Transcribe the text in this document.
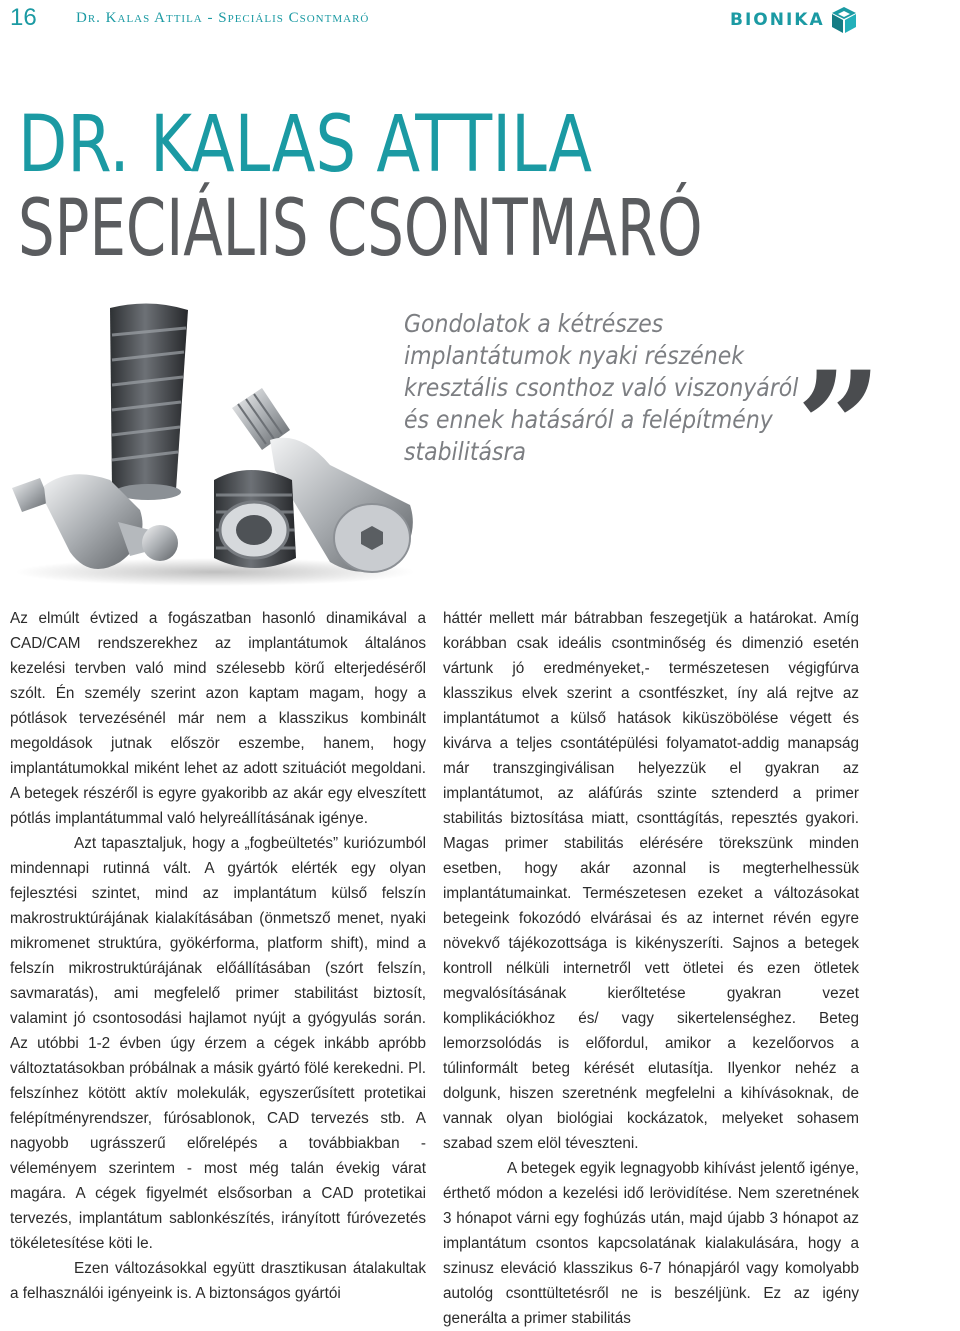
16	Dr. Kalas Attila - Speciális Csontmaró	BIONIKA
DR. KALAS ATTILA
SPECIÁLIS CSONTMARÓ
Gondolatok a kétrészes implantátumok nyaki részének kresztális csonthoz való viszonyáról és ennek hatásáról a felépítmény stabilitásra	”

Az elmúlt évtized a fogászatban hasonló dinamikával a CAD/CAM rendszerekhez az implantátumok általános kezelési tervben való mind szélesebb körű elterjedéséről szólt. Én személy szerint azon kaptam magam, hogy a pótlások tervezésénél már nem a klasszikus kombinált megoldások jutnak először eszembe, hanem, hogy implantátumokkal miként lehet az adott szituációt megoldani. A betegek részéről is egyre gyakoribb az akár egy elveszített pótlás implantátummal való helyreállításának igénye.

Azt tapasztaljuk, hogy a „fogbeültetés” kuriózumból mindennapi rutinná vált. A gyártók elérték egy olyan fejlesztési szintet, mind az implantátum külső felszín makrostruktúrájának kialakításában (önmetsző menet, nyaki mikromenet struktúra, gyökérforma, platform shift), mind a felszín mikrostruktúrájának előállításában (szórt felszín, savmaratás), ami megfelelő primer stabilitást biztosít, valamint jó csontosodási hajlamot nyújt a gyógyulás során. Az utóbbi 1-2 évben úgy érzem a cégek inkább apróbb változtatásokban próbálnak a másik gyártó fölé kerekedni. Pl. felszínhez kötött aktív molekulák, egyszerűsített protetikai felépítményrendszer, fúrósablonok, CAD tervezés stb. A nagyobb ugrásszerű előrelépés a továbbiakban - véleményem szerintem - most még talán évekig várat magára. A cégek figyelmét elsősorban a CAD protetikai tervezés, implantátum sablonkészítés, irányított fúróvezetés tökéletesítése köti le.

Ezen változásokkal együtt drasztikusan átalakultak a felhasználói igényeink is. A biztonságos gyártói

háttér mellett már bátrabban feszegetjük a határokat. Amíg korábban csak ideális csontminőség és dimenzió esetén vártunk jó eredményeket,- természetesen végigfúrva klasszikus elvek szerint a csontfészket, íny alá rejtve az implantátumot a külső hatások kiküszöbölése végett és kivárva a teljes csontátépülési folyamatot-addig manapság már transzgingiválisan helyezzük el gyakran az implantátumot, az aláfúrás szinte sztenderd a primer stabilitás biztosítása miatt, csonttágítás, repesztés gyakori. Magas primer stabilitás elérésére törekszünk minden esetben, hogy akár azonnal is megterhelhessük implantátumainkat. Természetesen ezeket a változásokat betegeink fokozódó elvárásai és az internet révén egyre növekvő tájékozottsága is kikényszeríti. Sajnos a betegek kontroll nélküli internetről vett ötletei és ezen ötletek megvalósításának kierőltetése gyakran vezet komplikációkhoz és/ vagy sikertelenséghez. Beteg lemorzsolódás is előfordul, amikor a kezelőorvos a túlinformált beteg kérését elutasítja. Ilyenkor nehéz a dolgunk, hiszen szeretnénk megfelelni a kihívásoknak, de vannak olyan biológiai kockázatok, melyeket sohasem szabad szem elöl téveszteni.

A betegek egyik legnagyobb kihívást jelentő igénye, érthető módon a kezelési idő lerövidítése. Nem szeretnének 3 hónapot várni egy foghúzás után, majd újabb 3 hónapot az implantátum csontos kapcsolatának kialakulására, hogy a szinusz eleváció klasszikus 6-7 hónapjáról vagy komolyabb autológ csonttültetésről ne is beszéljünk. Ez az igény generálta a primer stabilitás
